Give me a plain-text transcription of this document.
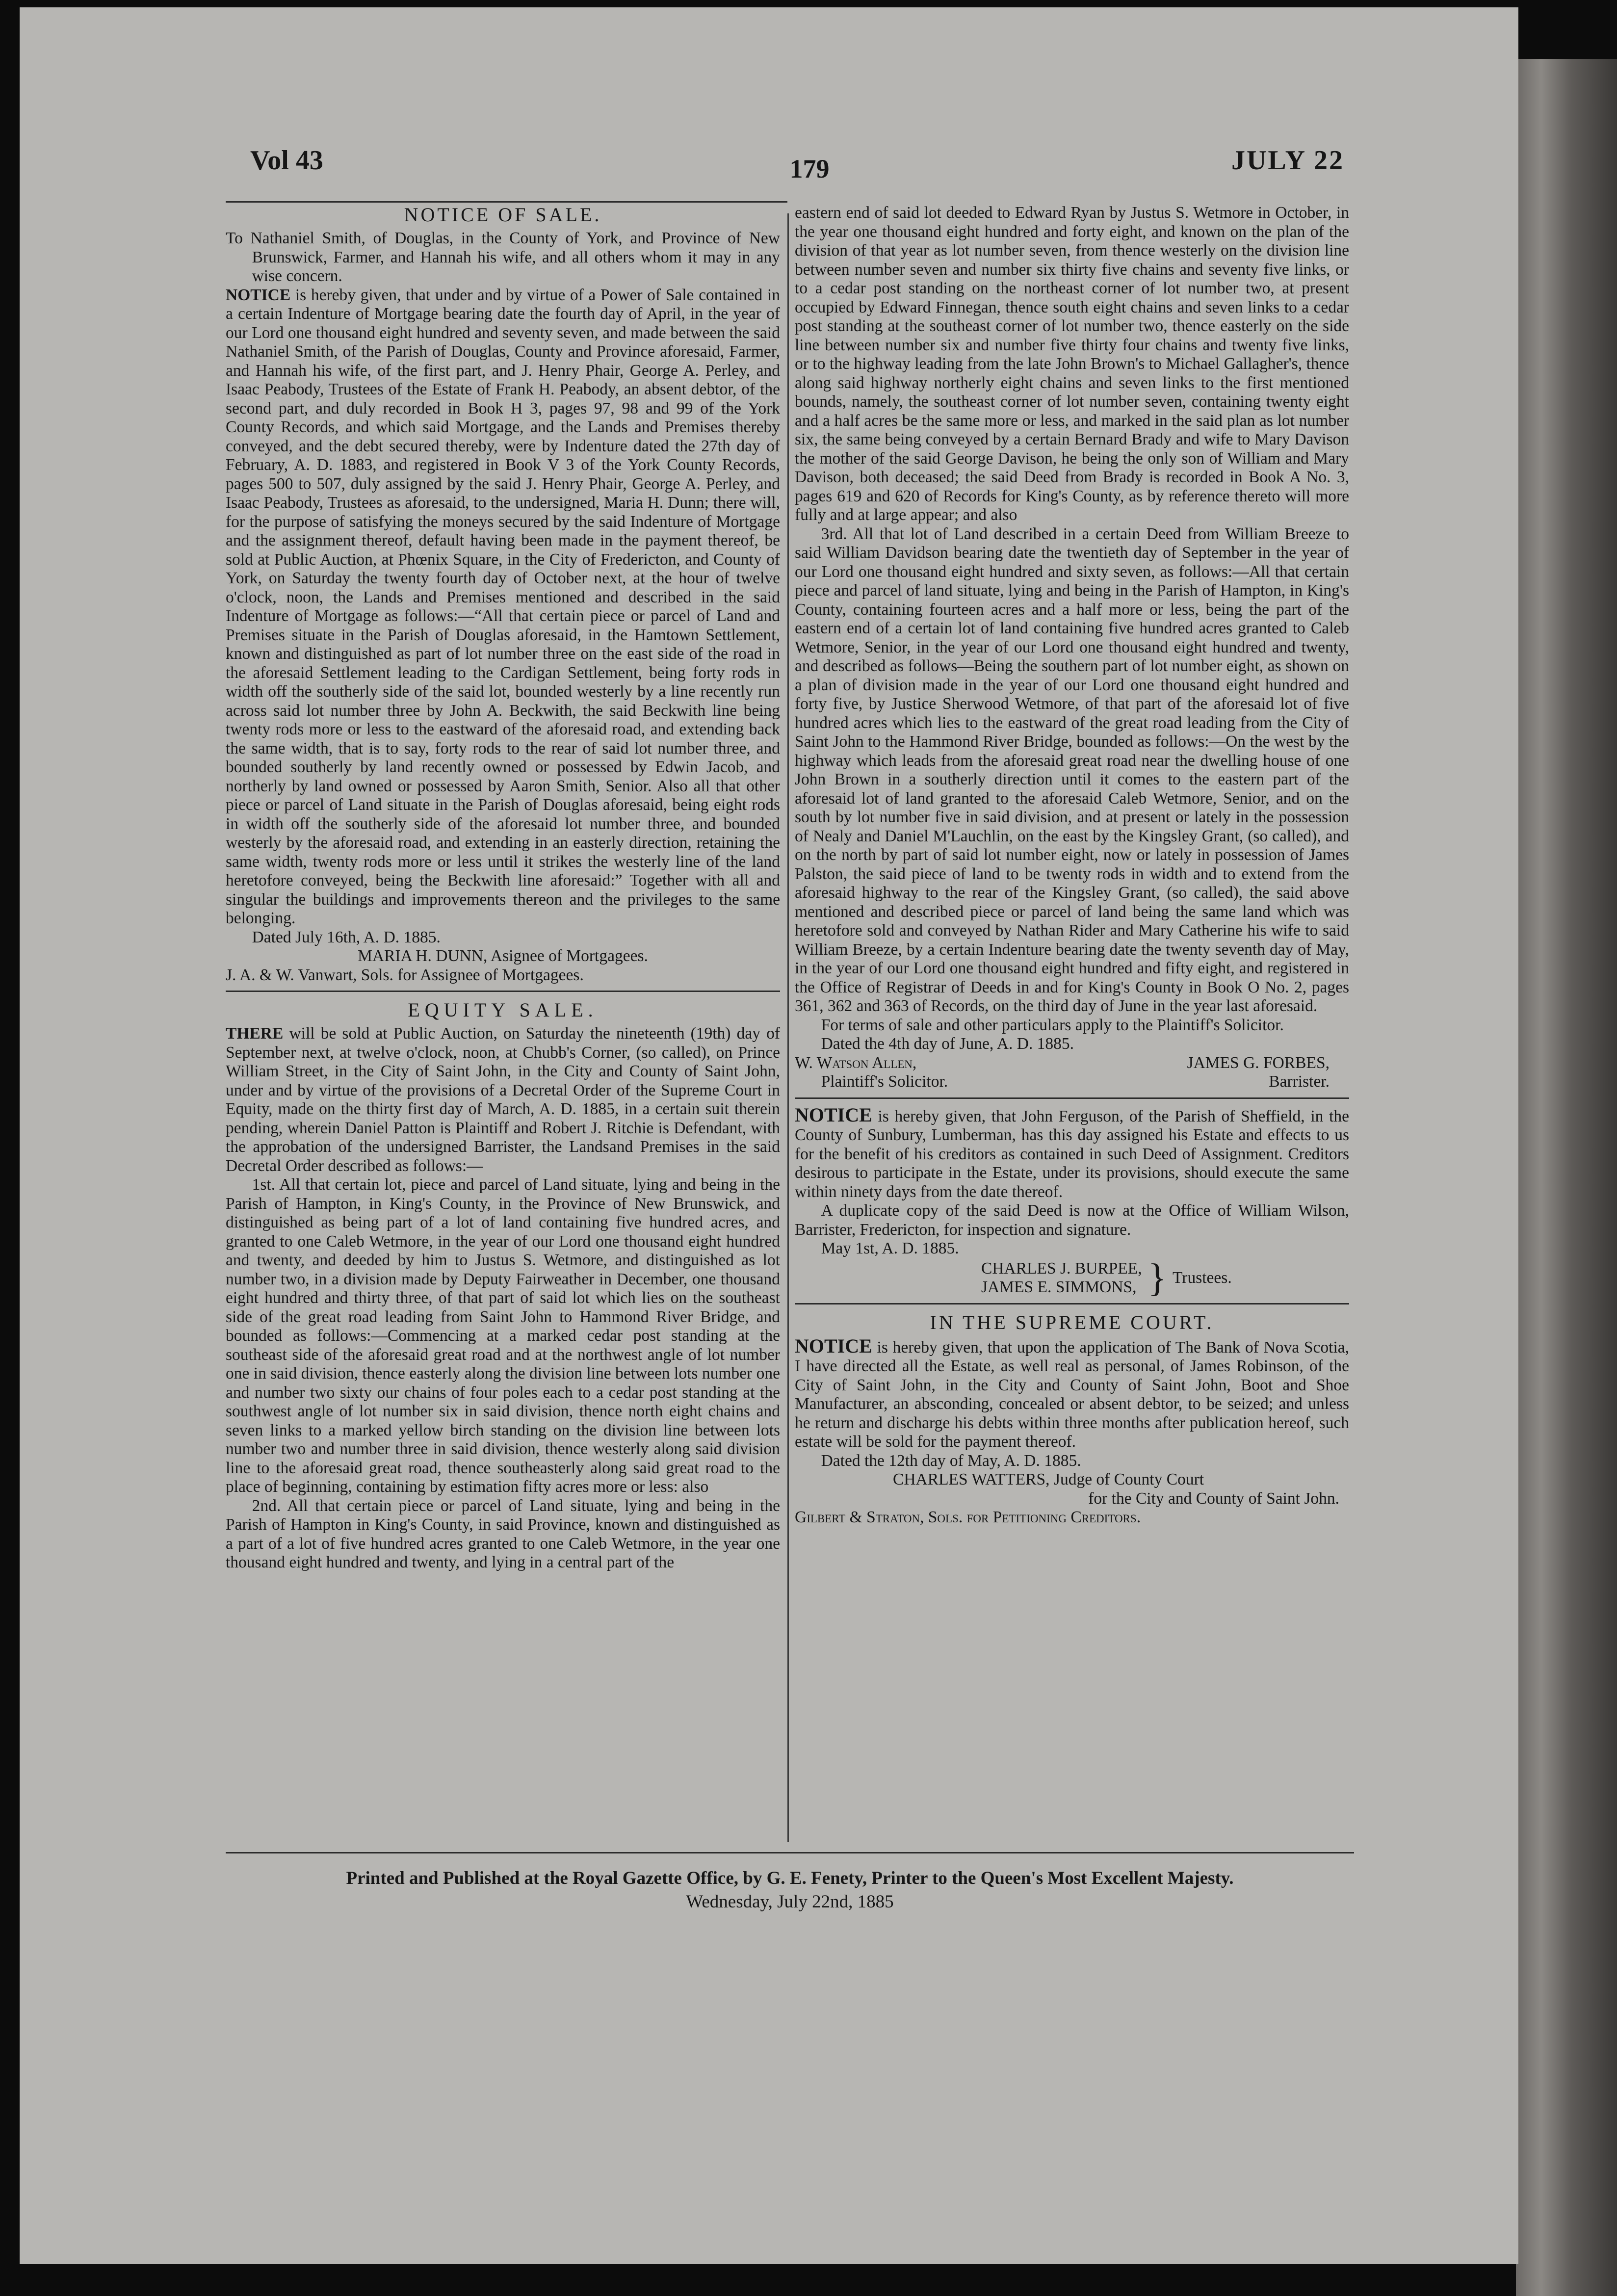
Vol 43	179	JULY 22

NOTICE OF SALE.

To Nathaniel Smith, of Douglas, in the County of York, and Province of New Brunswick, Farmer, and Hannah his wife, and all others whom it may in any wise concern.

NOTICE is hereby given, that under and by virtue of a Power of Sale contained in a certain Indenture of Mortgage bearing date the fourth day of April, in the year of our Lord one thousand eight hundred and seventy seven, and made between the said Nathaniel Smith, of the Parish of Douglas, County and Province aforesaid, Farmer, and Hannah his wife, of the first part, and J. Henry Phair, George A. Perley, and Isaac Peabody, Trustees of the Estate of Frank H. Peabody, an absent debtor, of the second part, and duly recorded in Book H 3, pages 97, 98 and 99 of the York County Records, and which said Mortgage, and the Lands and Premises thereby conveyed, and the debt secured thereby, were by Indenture dated the 27th day of February, A. D. 1883, and registered in Book V 3 of the York County Records, pages 500 to 507, duly assigned by the said J. Henry Phair, George A. Perley, and Isaac Peabody, Trustees as aforesaid, to the undersigned, Maria H. Dunn; there will, for the purpose of satisfying the moneys secured by the said Indenture of Mortgage and the assignment thereof, default having been made in the payment thereof, be sold at Public Auction, at Phœnix Square, in the City of Fredericton, and County of York, on Saturday the twenty fourth day of October next, at the hour of twelve o'clock, noon, the Lands and Premises mentioned and described in the said Indenture of Mortgage as follows:—“All that certain piece or parcel of Land and Premises situate in the Parish of Douglas aforesaid, in the Hamtown Settlement, known and distinguished as part of lot number three on the east side of the road in the aforesaid Settlement leading to the Cardigan Settlement, being forty rods in width off the southerly side of the said lot, bounded westerly by a line recently run across said lot number three by John A. Beckwith, the said Beckwith line being twenty rods more or less to the eastward of the aforesaid road, and extending back the same width, that is to say, forty rods to the rear of said lot number three, and bounded southerly by land recently owned or possessed by Edwin Jacob, and northerly by land owned or possessed by Aaron Smith, Senior. Also all that other piece or parcel of Land situate in the Parish of Douglas aforesaid, being eight rods in width off the southerly side of the aforesaid lot number three, and bounded westerly by the aforesaid road, and extending in an easterly direction, retaining the same width, twenty rods more or less until it strikes the westerly line of the land heretofore conveyed, being the Beckwith line aforesaid:” Together with all and singular the buildings and improvements thereon and the privileges to the same belonging.

Dated July 16th, A. D. 1885.

MARIA H. DUNN, Asignee of Mortgagees.

J. A. & W. Vanwart, Sols. for Assignee of Mortgagees.

EQUITY SALE.

THERE will be sold at Public Auction, on Saturday the nineteenth (19th) day of September next, at twelve o'clock, noon, at Chubb's Corner, (so called), on Prince William Street, in the City of Saint John, in the City and County of Saint John, under and by virtue of the provisions of a Decretal Order of the Supreme Court in Equity, made on the thirty first day of March, A. D. 1885, in a certain suit therein pending, wherein Daniel Patton is Plaintiff and Robert J. Ritchie is Defendant, with the approbation of the undersigned Barrister, the Landsand Premises in the said Decretal Order described as follows:—

1st. All that certain lot, piece and parcel of Land situate, lying and being in the Parish of Hampton, in King's County, in the Province of New Brunswick, and distinguished as being part of a lot of land containing five hundred acres, and granted to one Caleb Wetmore, in the year of our Lord one thousand eight hundred and twenty, and deeded by him to Justus S. Wetmore, and distinguished as lot number two, in a division made by Deputy Fairweather in December, one thousand eight hundred and thirty three, of that part of said lot which lies on the southeast side of the great road leading from Saint John to Hammond River Bridge, and bounded as follows:—Commencing at a marked cedar post standing at the southeast side of the aforesaid great road and at the northwest angle of lot number one in said division, thence easterly along the division line between lots number one and number two sixty our chains of four poles each to a cedar post standing at the southwest angle of lot number six in said division, thence north eight chains and seven links to a marked yellow birch standing on the division line between lots number two and number three in said division, thence westerly along said division line to the aforesaid great road, thence southeasterly along said great road to the place of beginning, containing by estimation fifty acres more or less: also

2nd. All that certain piece or parcel of Land situate, lying and being in the Parish of Hampton in King's County, in said Province, known and distinguished as a part of a lot of five hundred acres granted to one Caleb Wetmore, in the year one thousand eight hundred and twenty, and lying in a central part of the

eastern end of said lot deeded to Edward Ryan by Justus S. Wetmore in October, in the year one thousand eight hundred and forty eight, and known on the plan of the division of that year as lot number seven, from thence westerly on the division line between number seven and number six thirty five chains and seventy five links, or to a cedar post standing on the northeast corner of lot number two, at present occupied by Edward Finnegan, thence south eight chains and seven links to a cedar post standing at the southeast corner of lot number two, thence easterly on the side line between number six and number five thirty four chains and twenty five links, or to the highway leading from the late John Brown's to Michael Gallagher's, thence along said highway northerly eight chains and seven links to the first mentioned bounds, namely, the southeast corner of lot number seven, containing twenty eight and a half acres be the same more or less, and marked in the said plan as lot number six, the same being conveyed by a certain Bernard Brady and wife to Mary Davison the mother of the said George Davison, he being the only son of William and Mary Davison, both deceased; the said Deed from Brady is recorded in Book A No. 3, pages 619 and 620 of Records for King's County, as by reference thereto will more fully and at large appear; and also

3rd. All that lot of Land described in a certain Deed from William Breeze to said William Davidson bearing date the twentieth day of September in the year of our Lord one thousand eight hundred and sixty seven, as follows:—All that certain piece and parcel of land situate, lying and being in the Parish of Hampton, in King's County, containing fourteen acres and a half more or less, being the part of the eastern end of a certain lot of land containing five hundred acres granted to Caleb Wetmore, Senior, in the year of our Lord one thousand eight hundred and twenty, and described as follows—Being the southern part of lot number eight, as shown on a plan of division made in the year of our Lord one thousand eight hundred and forty five, by Justice Sherwood Wetmore, of that part of the aforesaid lot of five hundred acres which lies to the eastward of the great road leading from the City of Saint John to the Hammond River Bridge, bounded as follows:—On the west by the highway which leads from the aforesaid great road near the dwelling house of one John Brown in a southerly direction until it comes to the eastern part of the aforesaid lot of land granted to the aforesaid Caleb Wetmore, Senior, and on the south by lot number five in said division, and at present or lately in the possession of Nealy and Daniel M'Lauchlin, on the east by the Kingsley Grant, (so called), and on the north by part of said lot number eight, now or lately in possession of James Palston, the said piece of land to be twenty rods in width and to extend from the aforesaid highway to the rear of the Kingsley Grant, (so called), the said above mentioned and described piece or parcel of land being the same land which was heretofore sold and conveyed by Nathan Rider and Mary Catherine his wife to said William Breeze, by a certain Indenture bearing date the twenty seventh day of May, in the year of our Lord one thousand eight hundred and fifty eight, and registered in the Office of Registrar of Deeds in and for King's County in Book O No. 2, pages 361, 362 and 363 of Records, on the third day of June in the year last aforesaid.

For terms of sale and other particulars apply to the Plaintiff's Solicitor.

Dated the 4th day of June, A. D. 1885.

W. Watson Allen,

Plaintiff's Solicitor.

JAMES G. FORBES,

Barrister.

NOTICE is hereby given, that John Ferguson, of the Parish of Sheffield, in the County of Sunbury, Lumberman, has this day assigned his Estate and effects to us for the benefit of his creditors as contained in such Deed of Assignment. Creditors desirous to participate in the Estate, under its provisions, should execute the same within ninety days from the date thereof.

A duplicate copy of the said Deed is now at the Office of William Wilson, Barrister, Fredericton, for inspection and signature.

May 1st, A. D. 1885.

CHARLES J. BURPEE,

JAMES E. SIMMONS, } Trustees.

IN THE SUPREME COURT.

NOTICE is hereby given, that upon the application of The Bank of Nova Scotia, I have directed all the Estate, as well real as personal, of James Robinson, of the City of Saint John, in the City and County of Saint John, Boot and Shoe Manufacturer, an absconding, concealed or absent debtor, to be seized; and unless he return and discharge his debts within three months after publication hereof, such estate will be sold for the payment thereof.

Dated the 12th day of May, A. D. 1885.

CHARLES WATTERS, Judge of County Court

for the City and County of Saint John.

Gilbert & Straton, Sols. for Petitioning Creditors.

Printed and Published at the Royal Gazette Office, by G. E. Fenety, Printer to the Queen's Most Excellent Majesty.
Wednesday, July 22nd, 1885
